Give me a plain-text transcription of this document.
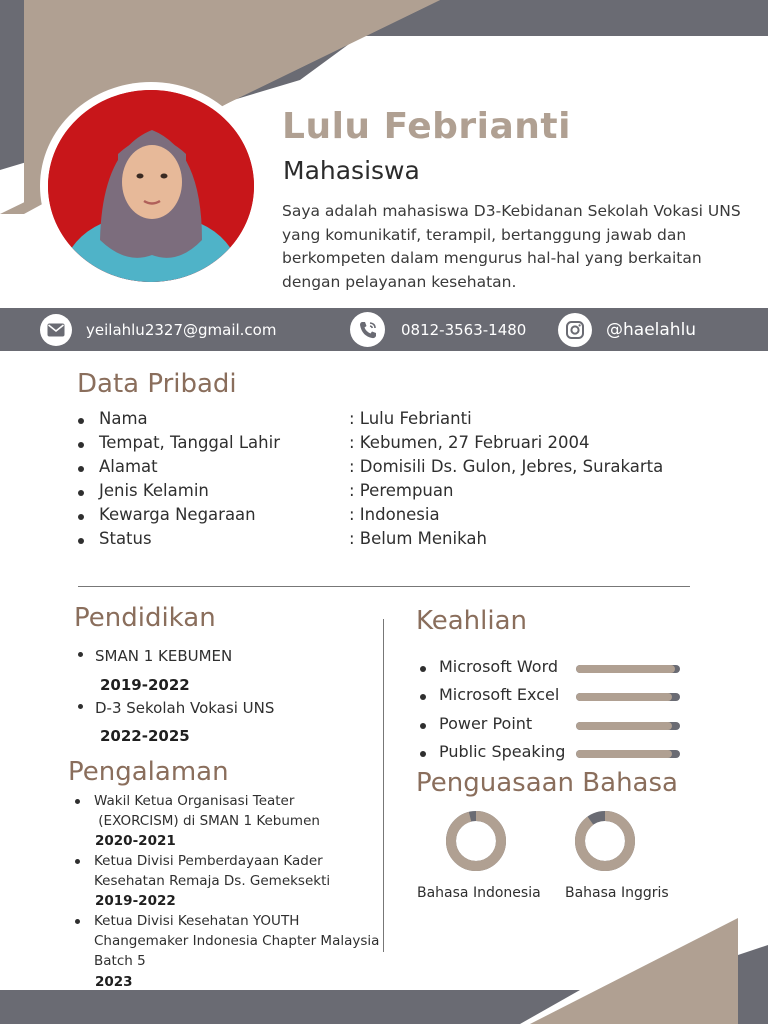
Lulu Febrianti
Mahasiswa
Saya adalah mahasiswa D3-Kebidanan Sekolah Vokasi UNS yang komunikatif, terampil, bertanggung jawab dan berkompeten dalam mengurus hal-hal yang berkaitan dengan pelayanan kesehatan.
yeilahlu2327@gmail.com	0812-3563-1480	@haelahlu
Data Pribadi
Nama	: Lulu Febrianti
Tempat, Tanggal Lahir	: Kebumen, 27 Februari 2004
Alamat	: Domisili Ds. Gulon, Jebres, Surakarta
Jenis Kelamin	: Perempuan
Kewarga Negaraan	: Indonesia
Status	: Belum Menikah
Pendidikan
SMAN 1 KEBUMEN
2019-2022
D-3 Sekolah Vokasi UNS
2022-2025
Pengalaman
Wakil Ketua Organisasi Teater
(EXORCISM) di SMAN 1 Kebumen
2020-2021
Ketua Divisi Pemberdayaan Kader
Kesehatan Remaja Ds. Gemeksekti
2019-2022
Ketua Divisi Kesehatan YOUTH
Changemaker Indonesia Chapter Malaysia
Batch 5
2023
Keahlian
Microsoft Word
Microsoft Excel
Power Point
Public Speaking
Penguasaan Bahasa
Bahasa Indonesia Bahasa Inggris
